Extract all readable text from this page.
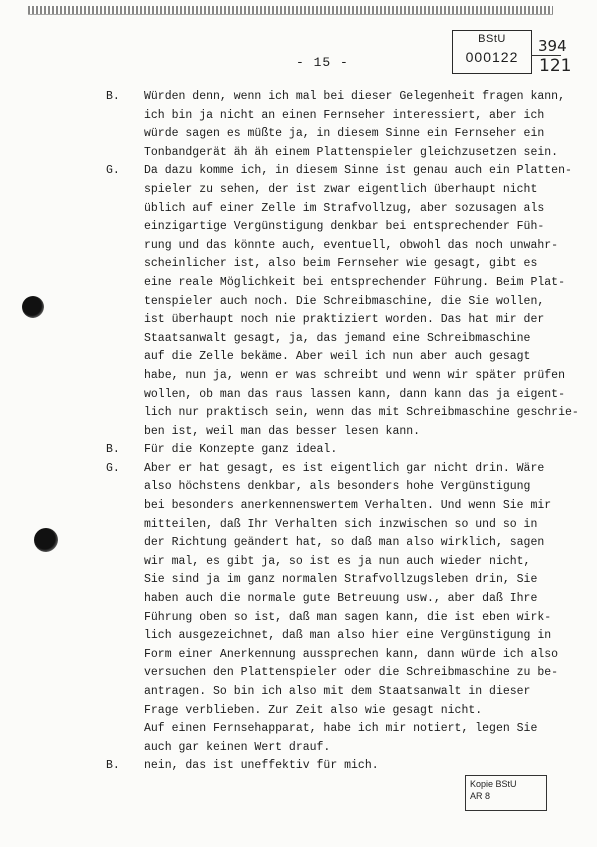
- 15 -
BStU
000122
394
121
B. Würden denn, wenn ich mal bei dieser Gelegenheit fragen kann,
ich bin ja nicht an einen Fernseher interessiert, aber ich
würde sagen es müßte ja, in diesem Sinne ein Fernseher ein
Tonbandgerät äh äh einem Plattenspieler gleichzusetzen sein.
G. Da dazu komme ich, in diesem Sinne ist genau auch ein Platten-
spieler zu sehen, der ist zwar eigentlich überhaupt nicht
üblich auf einer Zelle im Strafvollzug, aber sozusagen als
einzigartige Vergünstigung denkbar bei entsprechender Füh-
rung und das könnte auch, eventuell, obwohl das noch unwahr-
scheinlicher ist, also beim Fernseher wie gesagt, gibt es
eine reale Möglichkeit bei entsprechender Führung. Beim Plat-
tenspieler auch noch. Die Schreibmaschine, die Sie wollen,
ist überhaupt noch nie praktiziert worden. Das hat mir der
Staatsanwalt gesagt, ja, das jemand eine Schreibmaschine
auf die Zelle bekäme. Aber weil ich nun aber auch gesagt
habe, nun ja, wenn er was schreibt und wenn wir später prüfen
wollen, ob man das raus lassen kann, dann kann das ja eigent-
lich nur praktisch sein, wenn das mit Schreibmaschine geschrie-
ben ist, weil man das besser lesen kann.
B. Für die Konzepte ganz ideal.
G. Aber er hat gesagt, es ist eigentlich gar nicht drin. Wäre
also höchstens denkbar, als besonders hohe Vergünstigung
bei besonders anerkennenswertem Verhalten. Und wenn Sie mir
mitteilen, daß Ihr Verhalten sich inzwischen so und so in
der Richtung geändert hat, so daß man also wirklich, sagen
wir mal, es gibt ja, so ist es ja nun auch wieder nicht,
Sie sind ja im ganz normalen Strafvollzugsleben drin, Sie
haben auch die normale gute Betreuung usw., aber daß Ihre
Führung oben so ist, daß man sagen kann, die ist eben wirk-
lich ausgezeichnet, daß man also hier eine Vergünstigung in
Form einer Anerkennung aussprechen kann, dann würde ich also
versuchen den Plattenspieler oder die Schreibmaschine zu be-
antragen. So bin ich also mit dem Staatsanwalt in dieser
Frage verblieben. Zur Zeit also wie gesagt nicht.
Auf einen Fernsehapparat, habe ich mir notiert, legen Sie
auch gar keinen Wert drauf.
B. nein, das ist uneffektiv für mich.
Kopie BStU
AR 8
